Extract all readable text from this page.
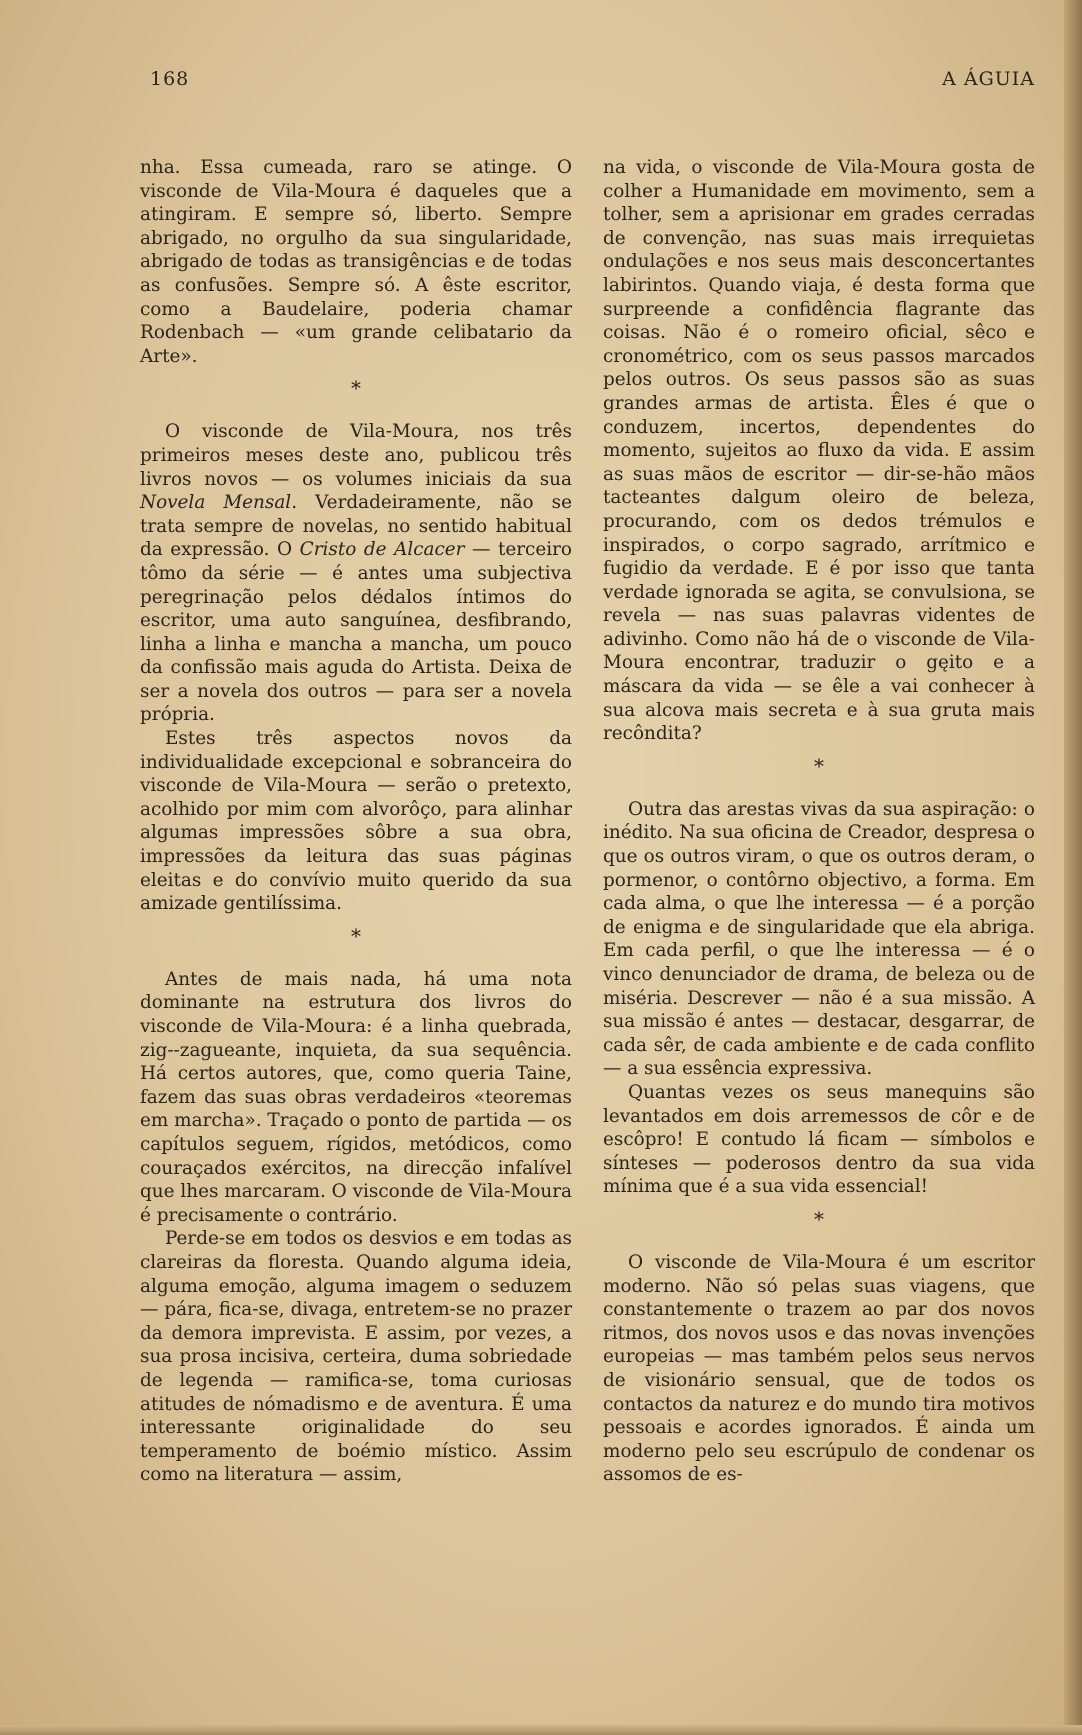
168	A ÁGUIA

nha. Essa cumeada, raro se atinge. O visconde de Vila-Moura é daqueles que a atingiram. E sempre só, liberto. Sempre abrigado, no orgulho da sua singularidade, abrigado de todas as transigências e de todas as confusões. Sempre só. A êste escritor, como a Baudelaire, poderia chamar Rodenbach — «um grande celibatario da Arte».

*

O visconde de Vila-Moura, nos três primeiros meses deste ano, publicou três livros novos — os volumes iniciais da sua Novela Mensal. Verdadeiramente, não se trata sempre de novelas, no sentido habitual da expressão. O Cristo de Alcacer — terceiro tômo da série — é antes uma subjectiva peregrinação pelos dédalos íntimos do escritor, uma auto sanguínea, desfibrando, linha a linha e mancha a mancha, um pouco da confissão mais aguda do Artista. Deixa de ser a novela dos outros — para ser a novela própria.

Estes três aspectos novos da individualidade excepcional e sobranceira do visconde de Vila-Moura — serão o pretexto, acolhido por mim com alvorôço, para alinhar algumas impressões sôbre a sua obra, impressões da leitura das suas páginas eleitas e do convívio muito querido da sua amizade gentilíssima.

*

Antes de mais nada, há uma nota dominante na estrutura dos livros do visconde de Vila-Moura: é a linha quebrada, zig--zagueante, inquieta, da sua sequência. Há certos autores, que, como queria Taine, fazem das suas obras verdadeiros «teoremas em marcha». Traçado o ponto de partida — os capítulos seguem, rígidos, metódicos, como couraçados exércitos, na direcção infalível que lhes marcaram. O visconde de Vila-Moura é precisamente o contrário.

Perde-se em todos os desvios e em todas as clareiras da floresta. Quando alguma ideia, alguma emoção, alguma imagem o seduzem — pára, fica-se, divaga, entretem-se no prazer da demora imprevista. E assim, por vezes, a sua prosa incisiva, certeira, duma sobriedade de legenda — ramifica-se, toma curiosas atitudes de nómadismo e de aventura. É uma interessante originalidade do seu temperamento de boémio místico. Assim como na literatura — assim,

na vida, o visconde de Vila-Moura gosta de colher a Humanidade em movimento, sem a tolher, sem a aprisionar em grades cerradas de convenção, nas suas mais irrequietas ondulações e nos seus mais desconcertantes labirintos. Quando viaja, é desta forma que surpreende a confidência flagrante das coisas. Não é o romeiro oficial, sêco e cronométrico, com os seus passos marcados pelos outros. Os seus passos são as suas grandes armas de artista. Êles é que o conduzem, incertos, dependentes do momento, sujeitos ao fluxo da vida. E assim as suas mãos de escritor — dir-se-hão mãos tacteantes dalgum oleiro de beleza, procurando, com os dedos trémulos e inspirados, o corpo sagrado, arrítmico e fugidio da verdade. E é por isso que tanta verdade ignorada se agita, se convulsiona, se revela — nas suas palavras videntes de adivinho. Como não há de o visconde de Vila-Moura encontrar, traduzir o gęito e a máscara da vida — se êle a vai conhecer à sua alcova mais secreta e à sua gruta mais recôndita?

*

Outra das arestas vivas da sua aspiração: o inédito. Na sua oficina de Creador, despresa o que os outros viram, o que os outros deram, o pormenor, o contôrno objectivo, a forma. Em cada alma, o que lhe interessa — é a porção de enigma e de singularidade que ela abriga. Em cada perfil, o que lhe interessa — é o vinco denunciador de drama, de beleza ou de miséria. Descrever — não é a sua missão. A sua missão é antes — destacar, desgarrar, de cada sêr, de cada ambiente e de cada conflito — a sua essência expressiva.

Quantas vezes os seus manequins são levantados em dois arremessos de côr e de escôpro! E contudo lá ficam — símbolos e sínteses — poderosos dentro da sua vida mínima que é a sua vida essencial!

*

O visconde de Vila-Moura é um escritor moderno. Não só pelas suas viagens, que constantemente o trazem ao par dos novos ritmos, dos novos usos e das novas invenções europeias — mas também pelos seus nervos de visionário sensual, que de todos os contactos da naturez e do mundo tira motivos pessoais e acordes ignorados. É ainda um moderno pelo seu escrúpulo de condenar os assomos de es-
